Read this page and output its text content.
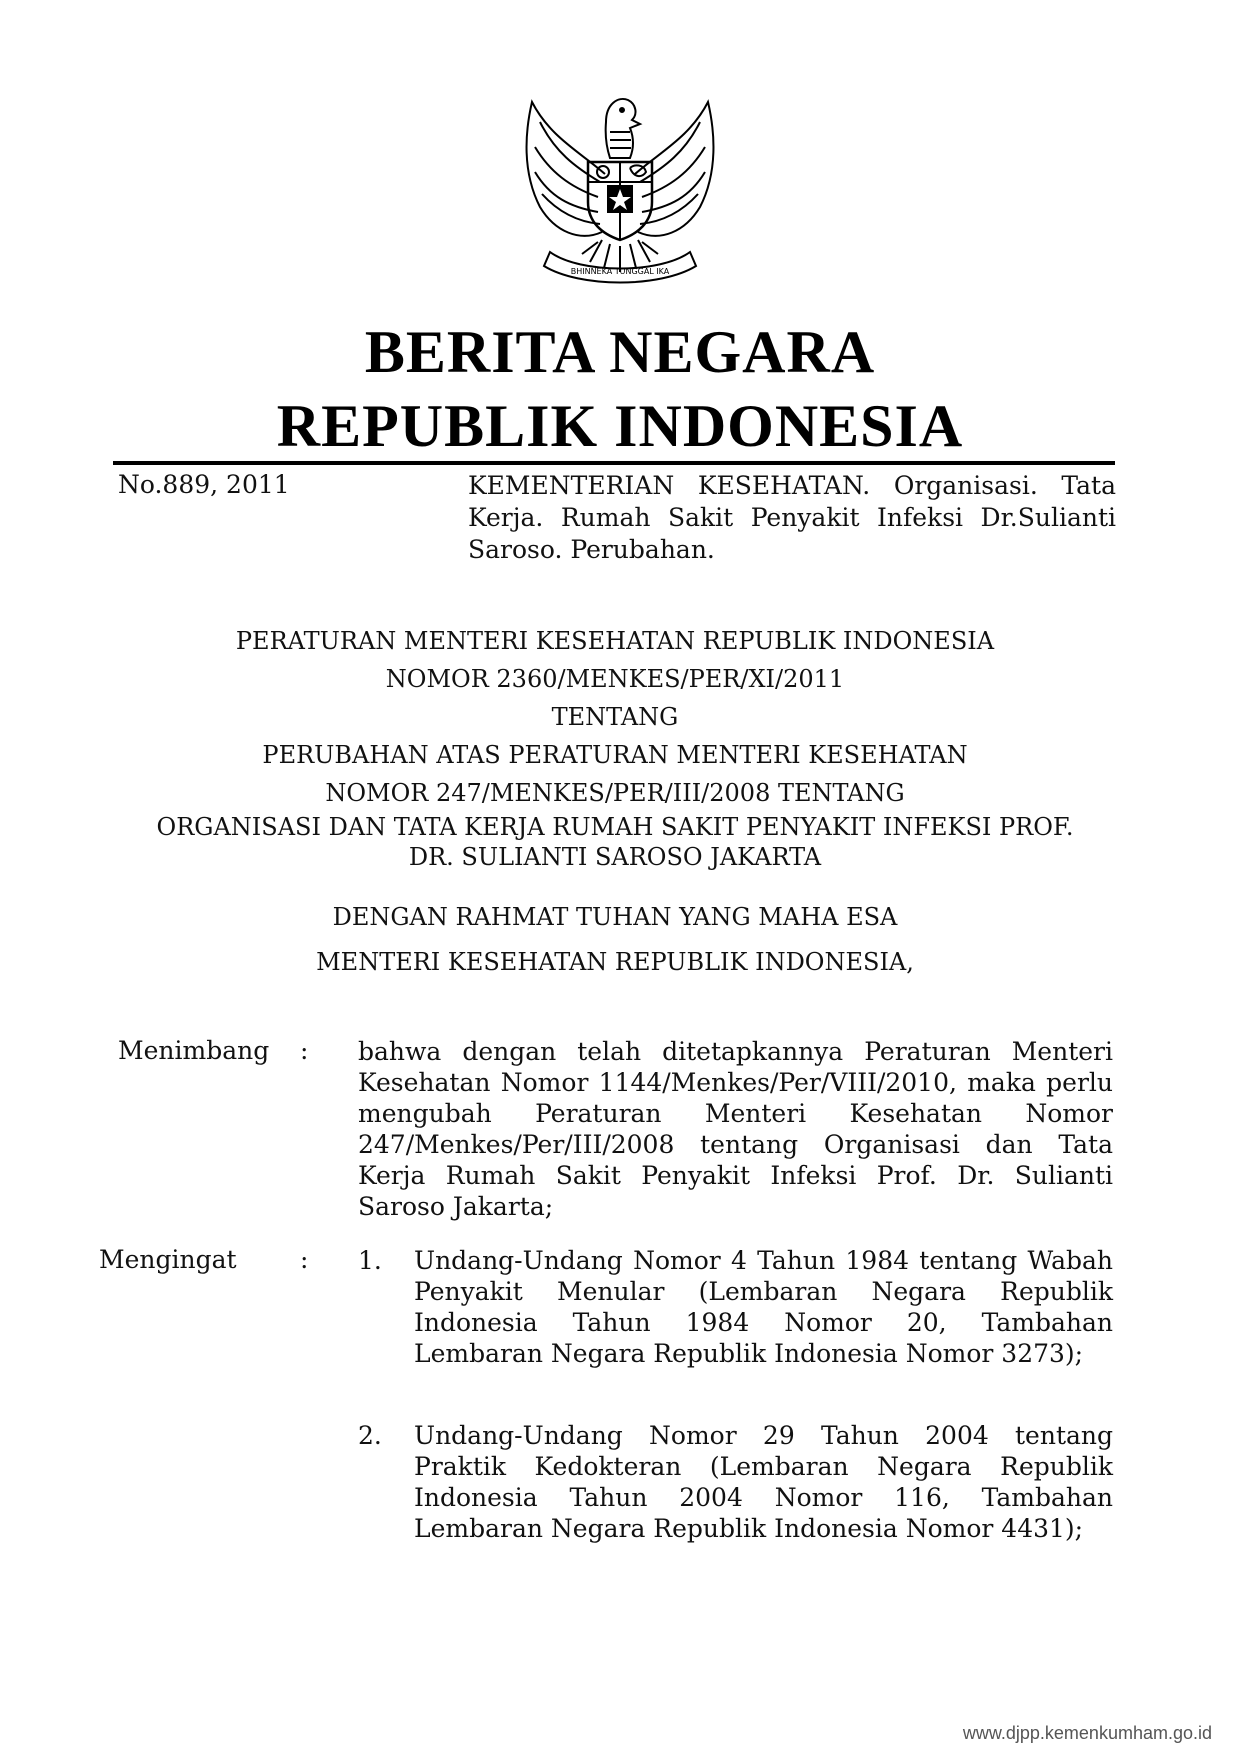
BHINNEKA TUNGGAL IKA
BERITA NEGARA
REPUBLIK INDONESIA
No.889, 2011	KEMENTERIAN KESEHATAN. Organisasi. Tata Kerja. Rumah Sakit Penyakit Infeksi Dr.Sulianti Saroso. Perubahan.
PERATURAN MENTERI KESEHATAN REPUBLIK INDONESIA
NOMOR 2360/MENKES/PER/XI/2011
TENTANG
PERUBAHAN ATAS PERATURAN MENTERI KESEHATAN
NOMOR 247/MENKES/PER/III/2008 TENTANG
ORGANISASI DAN TATA KERJA RUMAH SAKIT PENYAKIT INFEKSI PROF.
DR. SULIANTI SAROSO JAKARTA
DENGAN RAHMAT TUHAN YANG MAHA ESA
MENTERI KESEHATAN REPUBLIK INDONESIA,
Menimbang : bahwa dengan telah ditetapkannya Peraturan Menteri Kesehatan Nomor 1144/Menkes/Per/VIII/2010, maka perlu mengubah Peraturan Menteri Kesehatan Nomor 247/Menkes/Per/III/2008 tentang Organisasi dan Tata Kerja Rumah Sakit Penyakit Infeksi Prof. Dr. Sulianti Saroso Jakarta;
Mengingat	: 1. Undang-Undang Nomor 4 Tahun 1984 tentang Wabah Penyakit Menular (Lembaran Negara Republik Indonesia Tahun 1984 Nomor 20, Tambahan Lembaran Negara Republik Indonesia Nomor 3273);
2. Undang-Undang Nomor 29 Tahun 2004 tentang Praktik Kedokteran (Lembaran Negara Republik Indonesia Tahun 2004 Nomor 116, Tambahan Lembaran Negara Republik Indonesia Nomor 4431);
www.djpp.kemenkumham.go.id
